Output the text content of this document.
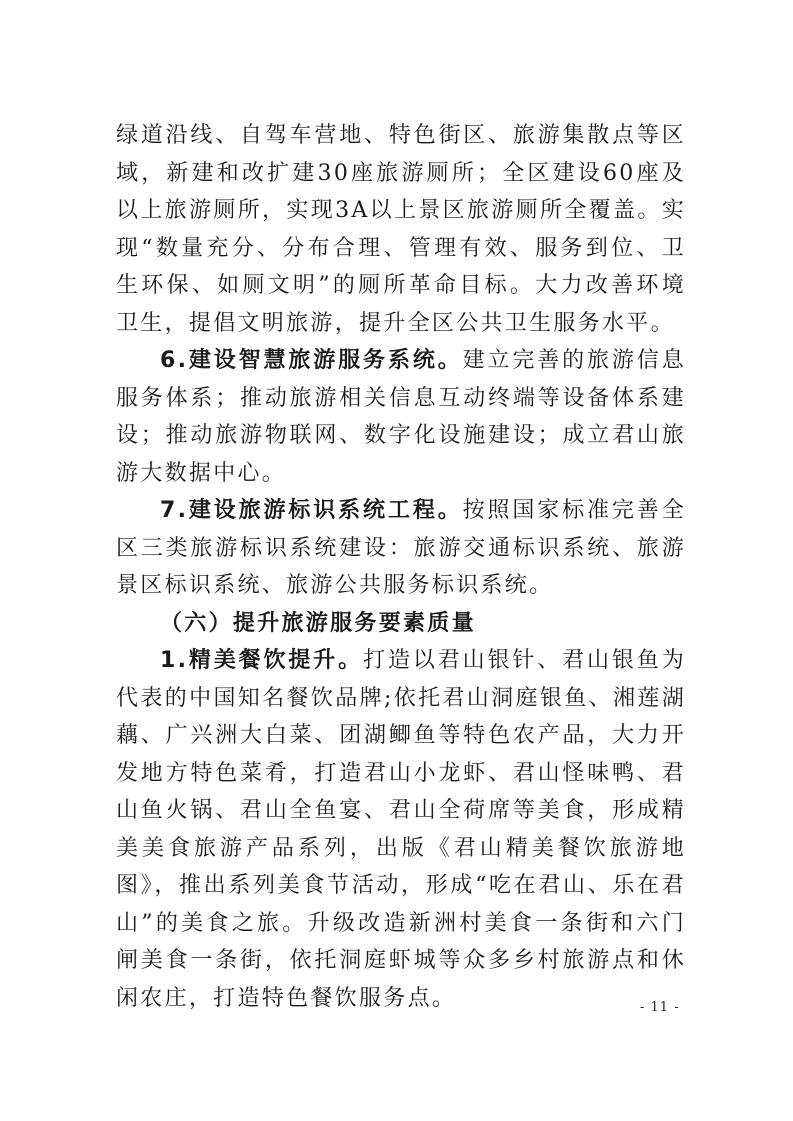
绿道沿线、自驾车营地、特色街区、旅游集散点等区域，新建和改扩建30座旅游厕所；全区建设60座及以上旅游厕所，实现3A以上景区旅游厕所全覆盖。实现“数量充分、分布合理、管理有效、服务到位、卫生环保、如厕文明”的厕所革命目标。大力改善环境卫生，提倡文明旅游，提升全区公共卫生服务水平。

6.建设智慧旅游服务系统。建立完善的旅游信息服务体系；推动旅游相关信息互动终端等设备体系建设；推动旅游物联网、数字化设施建设；成立君山旅游大数据中心。

7.建设旅游标识系统工程。按照国家标准完善全区三类旅游标识系统建设：旅游交通标识系统、旅游景区标识系统、旅游公共服务标识系统。

（六）提升旅游服务要素质量

1.精美餐饮提升。打造以君山银针、君山银鱼为代表的中国知名餐饮品牌;依托君山洞庭银鱼、湘莲湖藕、广兴洲大白菜、团湖鲫鱼等特色农产品，大力开发地方特色菜肴，打造君山小龙虾、君山怪味鸭、君山鱼火锅、君山全鱼宴、君山全荷席等美食，形成精美美食旅游产品系列，出版《君山精美餐饮旅游地图》，推出系列美食节活动，形成“吃在君山、乐在君山”的美食之旅。升级改造新洲村美食一条街和六门闸美食一条街，依托洞庭虾城等众多乡村旅游点和休闲农庄，打造特色餐饮服务点。	- 11 -
